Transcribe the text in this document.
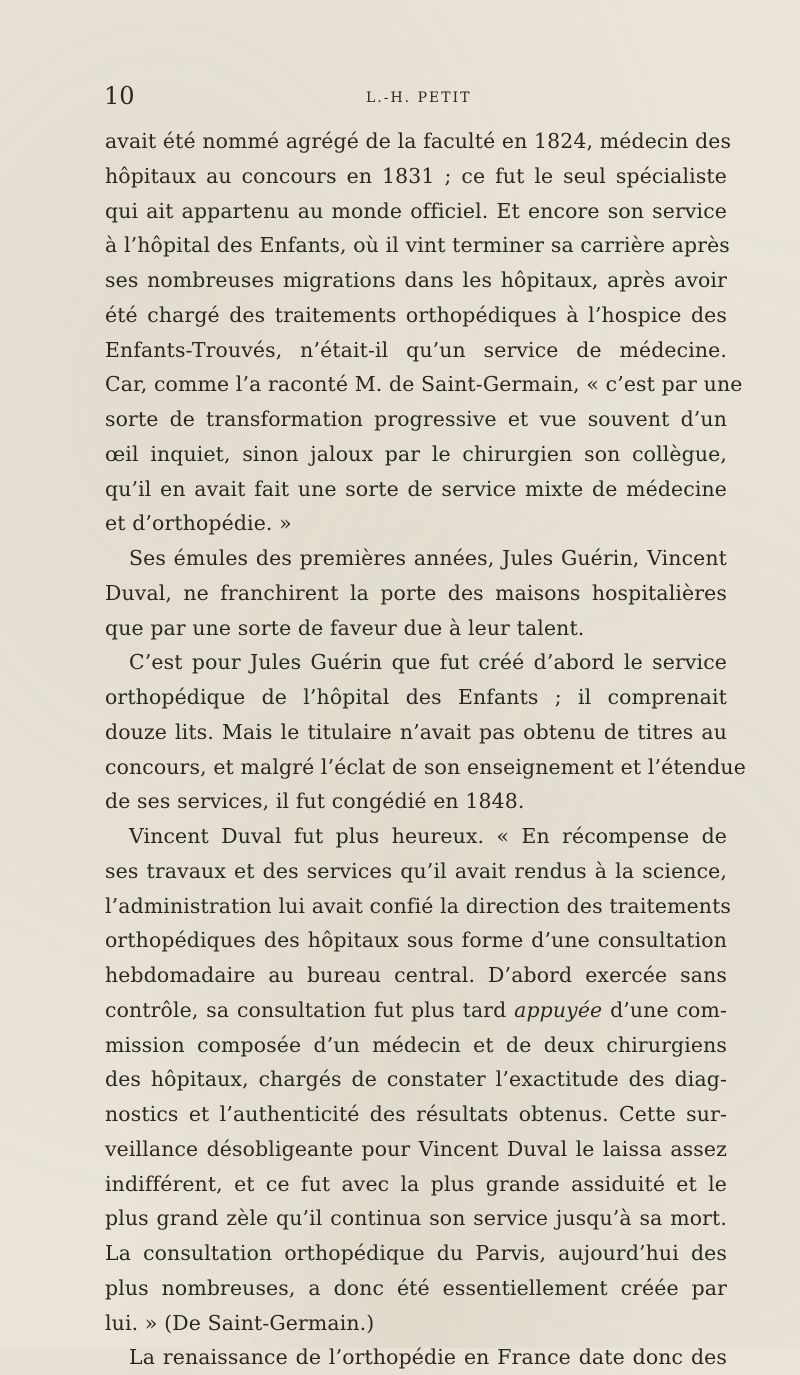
10	L.-H. PETIT
avait été nommé agrégé de la faculté en 1824, médecin des
hôpitaux au concours en 1831 ; ce fut le seul spécialiste
qui ait appartenu au monde officiel. Et encore son service
à l’hôpital des Enfants, où il vint terminer sa carrière après
ses nombreuses migrations dans les hôpitaux, après avoir
été chargé des traitements orthopédiques à l’hospice des
Enfants-Trouvés, n’était-il qu’un service de médecine.
Car, comme l’a raconté M. de Saint-Germain, « c’est par une
sorte de transformation progressive et vue souvent d’un
œil inquiet, sinon jaloux par le chirurgien son collègue,
qu’il en avait fait une sorte de service mixte de médecine
et d’orthopédie. »
Ses émules des premières années, Jules Guérin, Vincent
Duval, ne franchirent la porte des maisons hospitalières
que par une sorte de faveur due à leur talent.
C’est pour Jules Guérin que fut créé d’abord le service
orthopédique de l’hôpital des Enfants ; il comprenait
douze lits. Mais le titulaire n’avait pas obtenu de titres au
concours, et malgré l’éclat de son enseignement et l’étendue
de ses services, il fut congédié en 1848.
Vincent Duval fut plus heureux. « En récompense de
ses travaux et des services qu’il avait rendus à la science,
l’administration lui avait confié la direction des traitements
orthopédiques des hôpitaux sous forme d’une consultation
hebdomadaire au bureau central. D’abord exercée sans
contrôle, sa consultation fut plus tard appuyée d’une com-
mission composée d’un médecin et de deux chirurgiens
des hôpitaux, chargés de constater l’exactitude des diag-
nostics et l’authenticité des résultats obtenus. Cette sur-
veillance désobligeante pour Vincent Duval le laissa assez
indifférent, et ce fut avec la plus grande assiduité et le
plus grand zèle qu’il continua son service jusqu’à sa mort.
La consultation orthopédique du Parvis, aujourd’hui des
plus nombreuses, a donc été essentiellement créée par
lui. » (De Saint-Germain.)
La renaissance de l’orthopédie en France date donc des
